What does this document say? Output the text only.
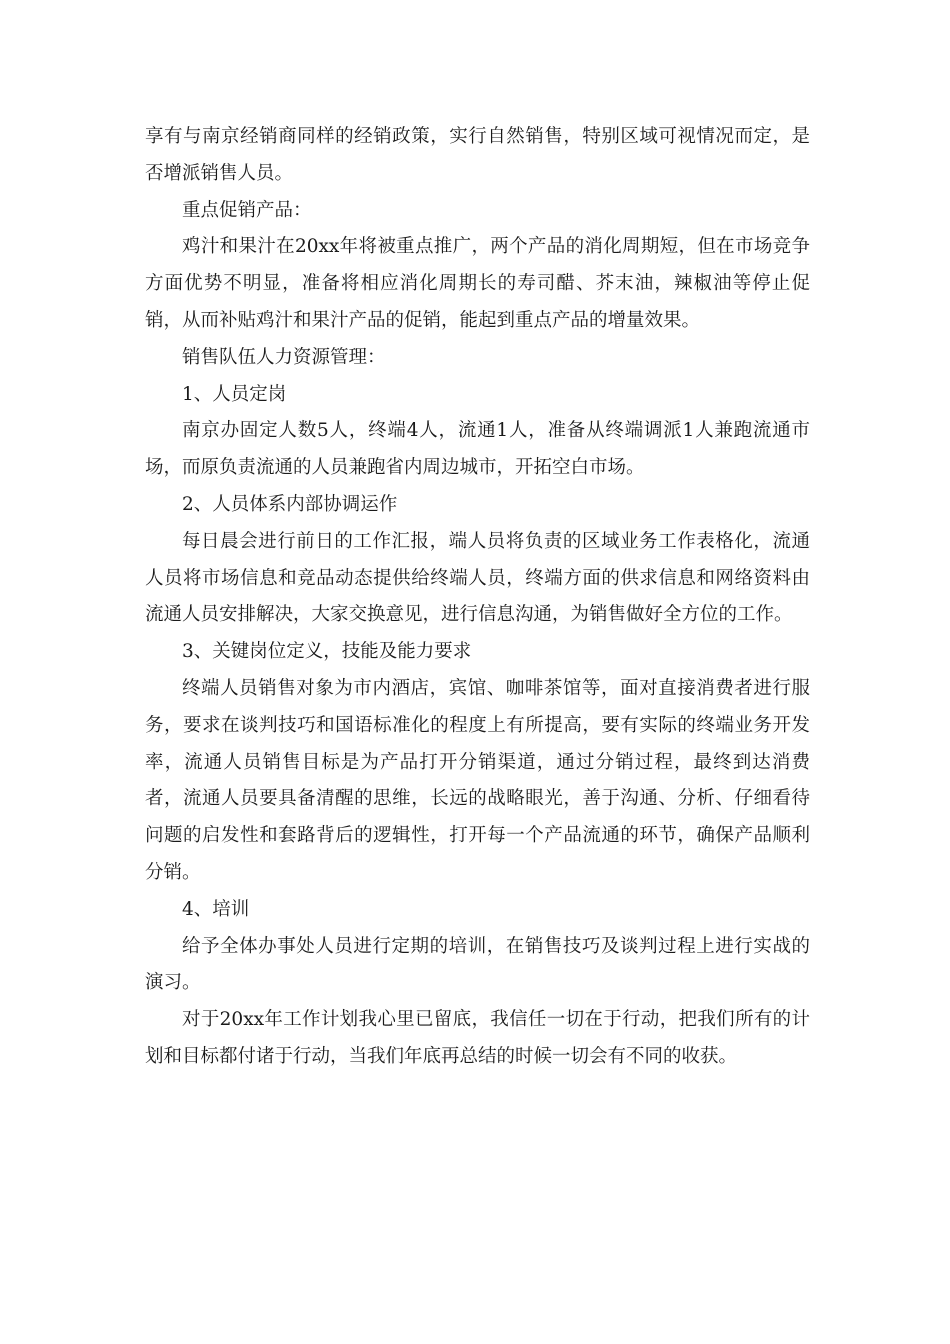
享有与南京经销商同样的经销政策，实行自然销售，特别区域可视情况而定，是否增派销售人员。

重点促销产品：

鸡汁和果汁在20xx年将被重点推广，两个产品的消化周期短，但在市场竞争方面优势不明显，准备将相应消化周期长的寿司醋、芥末油，辣椒油等停止促销，从而补贴鸡汁和果汁产品的促销，能起到重点产品的增量效果。

销售队伍人力资源管理：

1、人员定岗

南京办固定人数5人，终端4人，流通1人，准备从终端调派1人兼跑流通市场，而原负责流通的人员兼跑省内周边城市，开拓空白市场。

2、人员体系内部协调运作

每日晨会进行前日的工作汇报，端人员将负责的区域业务工作表格化，流通人员将市场信息和竞品动态提供给终端人员，终端方面的供求信息和网络资料由流通人员安排解决，大家交换意见，进行信息沟通，为销售做好全方位的工作。

3、关键岗位定义，技能及能力要求

终端人员销售对象为市内酒店，宾馆、咖啡茶馆等，面对直接消费者进行服务，要求在谈判技巧和国语标准化的程度上有所提高，要有实际的终端业务开发率，流通人员销售目标是为产品打开分销渠道，通过分销过程，最终到达消费者，流通人员要具备清醒的思维，长远的战略眼光，善于沟通、分析、仔细看待问题的启发性和套路背后的逻辑性，打开每一个产品流通的环节，确保产品顺利分销。

4、培训

给予全体办事处人员进行定期的培训，在销售技巧及谈判过程上进行实战的演习。

对于20xx年工作计划我心里已留底，我信任一切在于行动，把我们所有的计划和目标都付诸于行动，当我们年底再总结的时候一切会有不同的收获。
